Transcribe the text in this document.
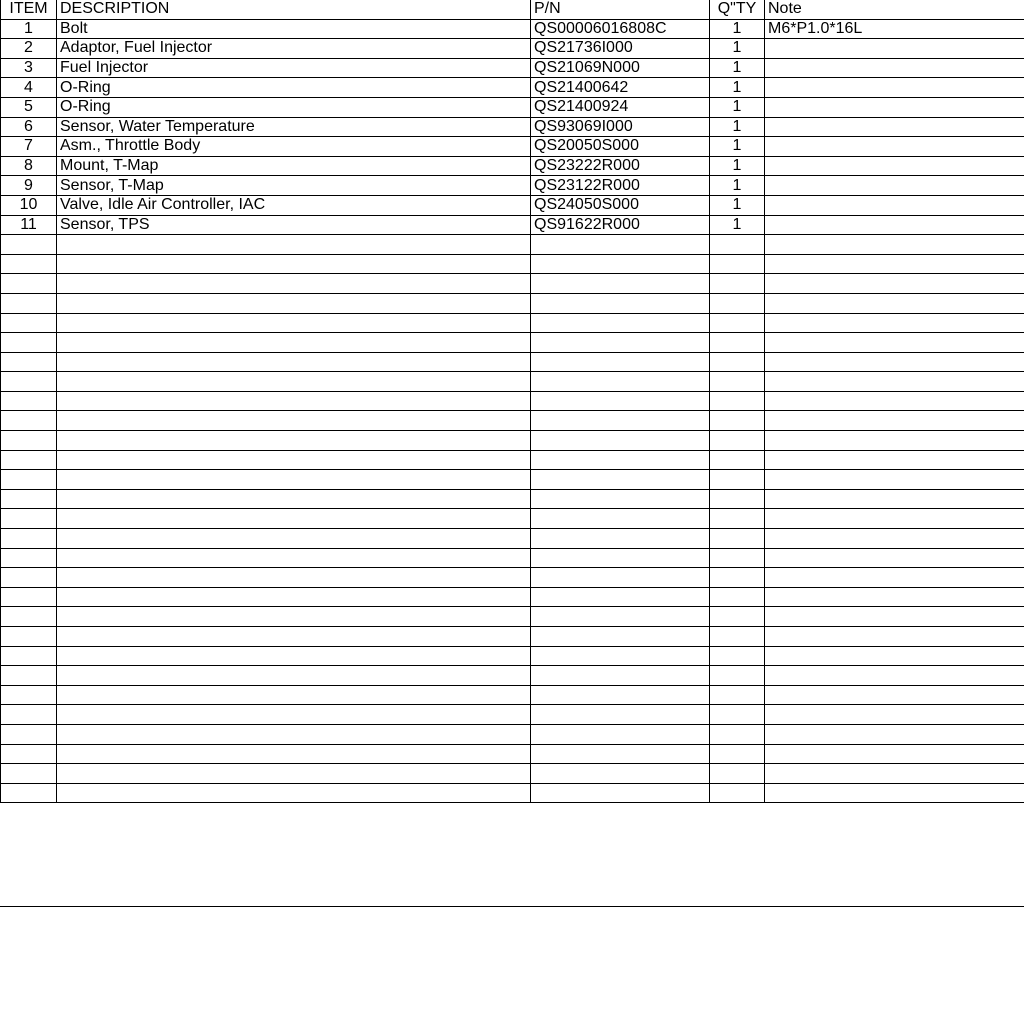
ITEM	DESCRIPTION	P/N	Q"TY	Note
1	Bolt	QS00006016808C	1	M6*P1.0*16L
2	Adaptor, Fuel Injector	QS21736I000	1	
3	Fuel Injector	QS21069N000	1	
4	O-Ring	QS21400642	1	
5	O-Ring	QS21400924	1	
6	Sensor, Water Temperature	QS93069I000	1	
7	Asm., Throttle Body	QS20050S000	1	
8	Mount, T-Map	QS23222R000	1	
9	Sensor, T-Map	QS23122R000	1	
10	Valve, Idle Air Controller, IAC	QS24050S000	1	
11	Sensor, TPS	QS91622R000	1	
